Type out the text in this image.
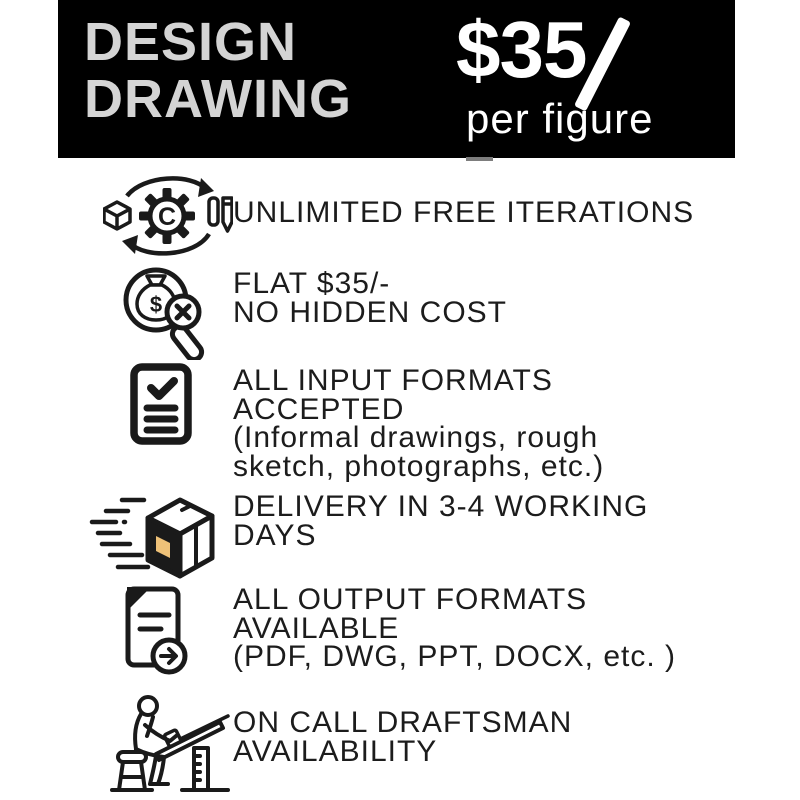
DESIGN
DRAWING
$35
per figure
C UNLIMITED FREE ITERATIONS
$
FLAT $35/-
NO HIDDEN COST
ALL INPUT FORMATS
ACCEPTED
(Informal drawings, rough
sketch, photographs, etc.)
DELIVERY IN 3-4 WORKING
DAYS
ALL OUTPUT FORMATS
AVAILABLE
(PDF, DWG, PPT, DOCX, etc. )
ON CALL DRAFTSMAN
AVAILABILITY
